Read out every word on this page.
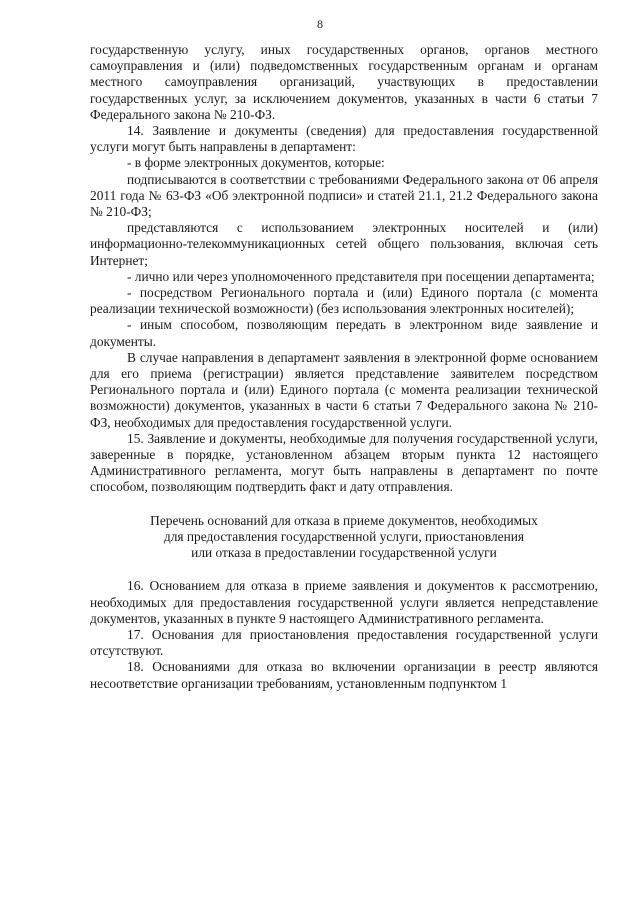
8

государственную услугу, иных государственных органов, органов местного самоуправления и (или) подведомственных государственным органам и органам местного самоуправления организаций, участвующих в предоставлении государственных услуг, за исключением документов, указанных в части 6 статьи 7 Федерального закона № 210-ФЗ.

14. Заявление и документы (сведения) для предоставления государственной услуги могут быть направлены в департамент:

- в форме электронных документов, которые:

подписываются в соответствии с требованиями Федерального закона от 06 апреля 2011 года № 63-ФЗ «Об электронной подписи» и статей 21.1, 21.2 Федерального закона № 210-ФЗ;

представляются с использованием электронных носителей и (или) информационно-телекоммуникационных сетей общего пользования, включая сеть Интернет;

- лично или через уполномоченного представителя при посещении департамента;

- посредством Регионального портала и (или) Единого портала (с момента реализации технической возможности) (без использования электронных носителей);

- иным способом, позволяющим передать в электронном виде заявление и документы.

В случае направления в департамент заявления в электронной форме основанием для его приема (регистрации) является представление заявителем посредством Регионального портала и (или) Единого портала (с момента реализации технической возможности) документов, указанных в части 6 статьи 7 Федерального закона № 210-ФЗ, необходимых для предоставления государственной услуги.

15. Заявление и документы, необходимые для получения государственной услуги, заверенные в порядке, установленном абзацем вторым пункта 12 настоящего Административного регламента, могут быть направлены в департамент по почте способом, позволяющим подтвердить факт и дату отправления.

Перечень оснований для отказа в приеме документов, необходимых

для предоставления государственной услуги, приостановления

или отказа в предоставлении государственной услуги

16. Основанием для отказа в приеме заявления и документов к рассмотрению, необходимых для предоставления государственной услуги является непредставление документов, указанных в пункте 9 настоящего Административного регламента.

17. Основания для приостановления предоставления государственной услуги отсутствуют.

18. Основаниями для отказа во включении организации в реестр являются несоответствие организации требованиям, установленным подпунктом 1
